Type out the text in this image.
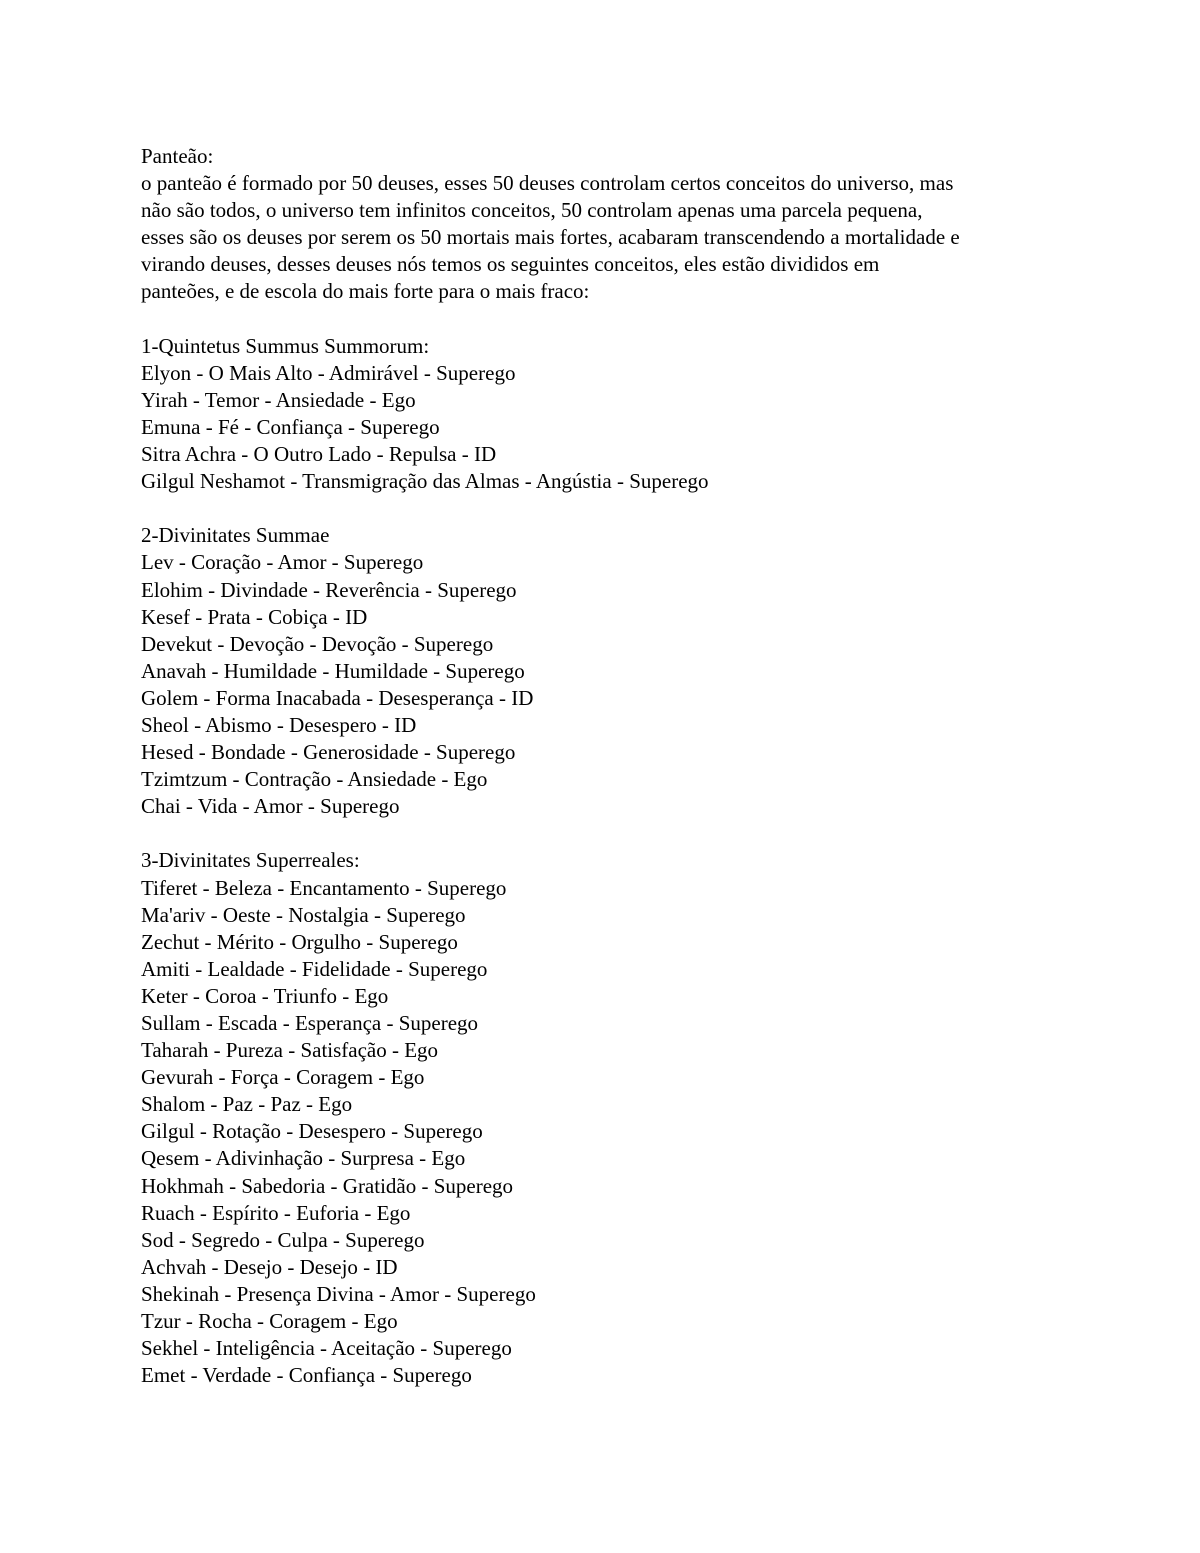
Panteão:
o panteão é formado por 50 deuses, esses 50 deuses controlam certos conceitos do universo, mas
não são todos, o universo tem infinitos conceitos, 50 controlam apenas uma parcela pequena,
esses são os deuses por serem os 50 mortais mais fortes, acabaram transcendendo a mortalidade e
virando deuses, desses deuses nós temos os seguintes conceitos, eles estão divididos em
panteões, e de escola do mais forte para o mais fraco:
1-Quintetus Summus Summorum:
Elyon - O Mais Alto - Admirável - Superego
Yirah - Temor - Ansiedade - Ego
Emuna - Fé - Confiança - Superego
Sitra Achra - O Outro Lado - Repulsa - ID
Gilgul Neshamot - Transmigração das Almas - Angústia - Superego
2-Divinitates Summae
Lev - Coração - Amor - Superego
Elohim - Divindade - Reverência - Superego
Kesef - Prata - Cobiça - ID
Devekut - Devoção - Devoção - Superego
Anavah - Humildade - Humildade - Superego
Golem - Forma Inacabada - Desesperança - ID
Sheol - Abismo - Desespero - ID
Hesed - Bondade - Generosidade - Superego
Tzimtzum - Contração - Ansiedade - Ego
Chai - Vida - Amor - Superego
3-Divinitates Superreales:
Tiferet - Beleza - Encantamento - Superego
Ma'ariv - Oeste - Nostalgia - Superego
Zechut - Mérito - Orgulho - Superego
Amiti - Lealdade - Fidelidade - Superego
Keter - Coroa - Triunfo - Ego
Sullam - Escada - Esperança - Superego
Taharah - Pureza - Satisfação - Ego
Gevurah - Força - Coragem - Ego
Shalom - Paz - Paz - Ego
Gilgul - Rotação - Desespero - Superego
Qesem - Adivinhação - Surpresa - Ego
Hokhmah - Sabedoria - Gratidão - Superego
Ruach - Espírito - Euforia - Ego
Sod - Segredo - Culpa - Superego
Achvah - Desejo - Desejo - ID
Shekinah - Presença Divina - Amor - Superego
Tzur - Rocha - Coragem - Ego
Sekhel - Inteligência - Aceitação - Superego
Emet - Verdade - Confiança - Superego
